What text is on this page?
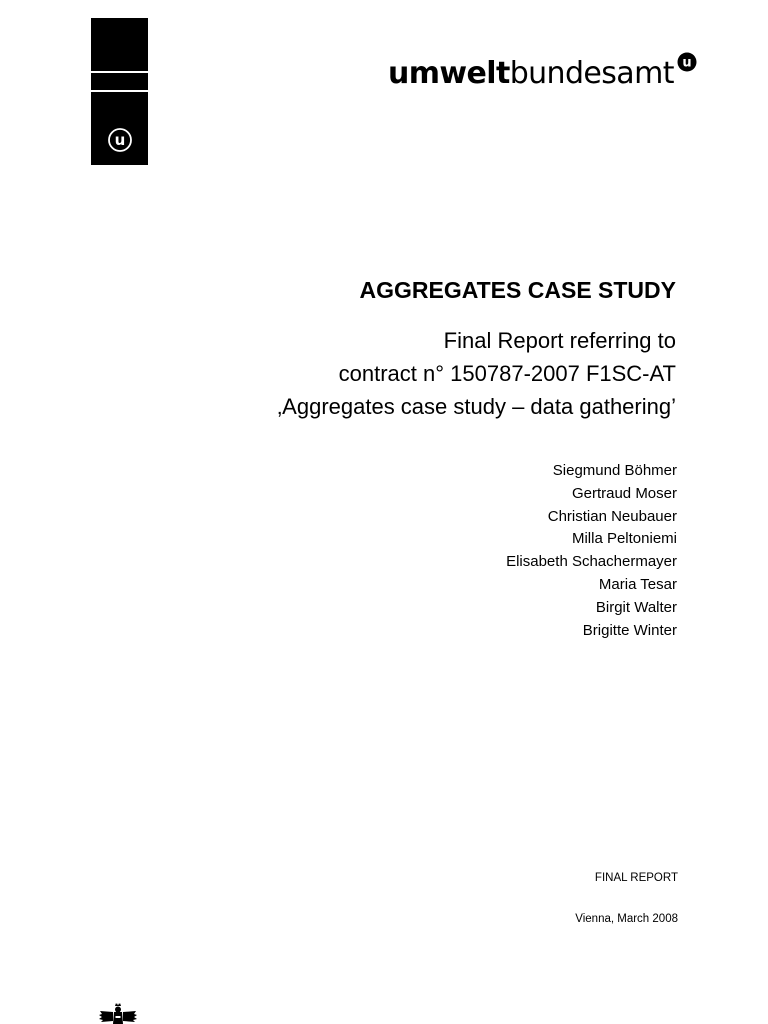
u
umweltbundesamt u
AGGREGATES CASE STUDY
Final Report referring to
contract n° 150787-2007 F1SC-AT
‚Aggregates case study – data gathering’
Siegmund Böhmer
Gertraud Moser
Christian Neubauer
Milla Peltoniemi
Elisabeth Schachermayer
Maria Tesar
Birgit Walter
Brigitte Winter
FINAL REPORT
Vienna, March 2008
